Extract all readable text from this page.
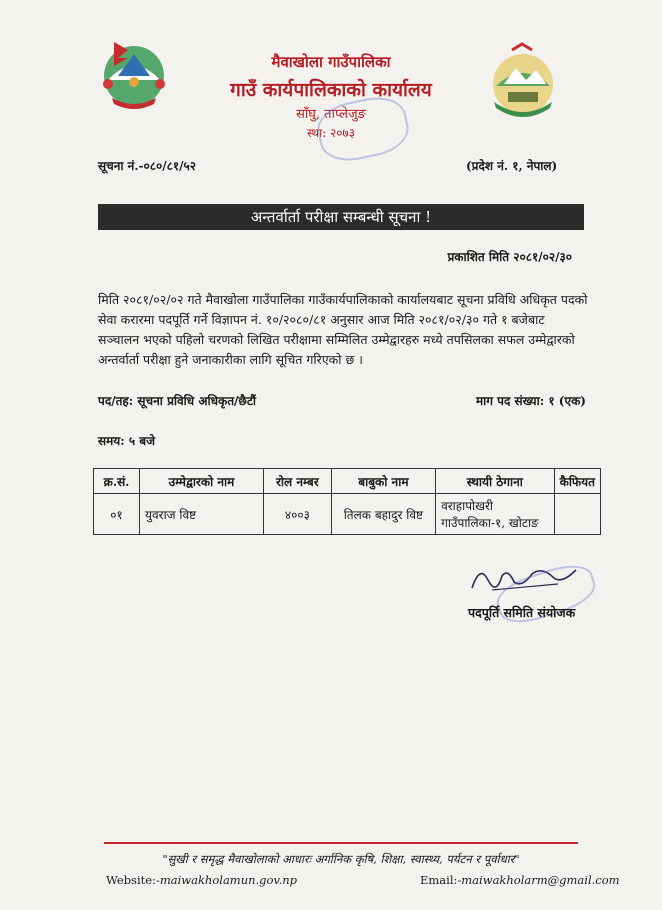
मैवाखोला गाउँपालिका
गाउँ कार्यपालिकाको कार्यालय
साँघु, ताप्लेजुङ
स्था: २०७३
सूचना नं.-०८०/८१/५२	(प्रदेश नं. १, नेपाल)
अन्तर्वार्ता परीक्षा सम्बन्धी सूचना !
प्रकाशित मिति २०८१/०२/३०
मिति २०८१/०२/०२ गते मैवाखोला गाउँपालिका गाउँकार्यपालिकाको कार्यालयबाट सूचना प्रविधि अधिकृत पदको सेवा करारमा पदपूर्ति गर्ने विज्ञापन नं. १०/२०८०/८१ अनुसार आज मिति २०८१/०२/३० गते १ बजेबाट सञ्चालन भएको पहिलो चरणको लिखित परीक्षामा सम्मिलित उम्मेद्वारहरु मध्ये तपसिलका सफल उम्मेद्वारको अन्तर्वार्ता परीक्षा हुने जनाकारीका लागि सूचित गरिएको छ ।
पद/तह: सूचना प्रविधि अधिकृत/छैटौं	माग पद संख्या: १ (एक)
समय: ५ बजे
क्र.सं.	उम्मेद्वारको नाम	रोल नम्बर	बाबुको नाम	स्थायी ठेगाना	कैफियत
०१	युवराज विष्ट	४००३	तिलक बहादुर विष्ट	वराहापोखरी
गाउँपालिका-१, खोटाङ	

पदपूर्ति समिति संयोजक
"सुखी र समृद्ध मैवाखोलाको आधारः अर्गानिक कृषि, शिक्षा, स्वास्थ्य, पर्यटन र पूर्वाधार"
Website:-maiwakholamun.gov.np	Email:-maiwakholarm@gmail.com
